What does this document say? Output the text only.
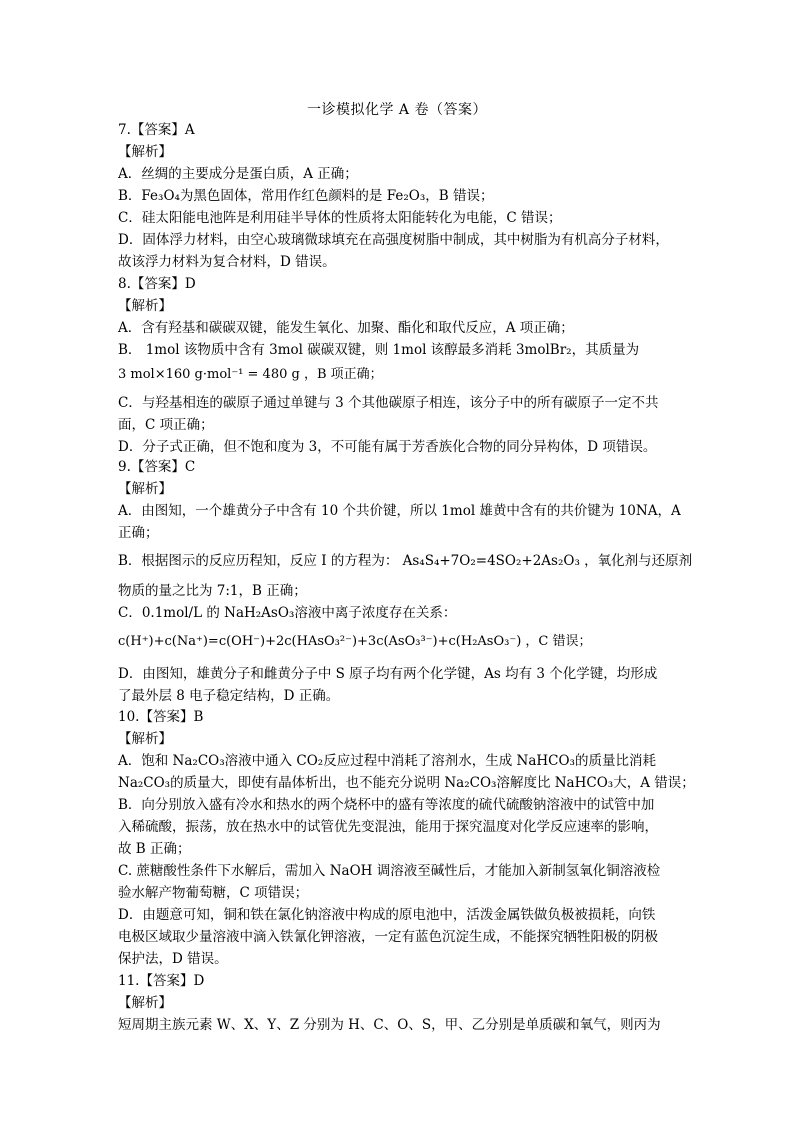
一诊模拟化学 A 卷（答案）
7.【答案】A
【解析】
A．丝绸的主要成分是蛋白质，A 正确；
B．Fe₃O₄为黑色固体，常用作红色颜料的是 Fe₂O₃，B 错误；
C．硅太阳能电池阵是利用硅半导体的性质将太阳能转化为电能，C 错误；
D．固体浮力材料，由空心玻璃微球填充在高强度树脂中制成，其中树脂为有机高分子材料，
故该浮力材料为复合材料，D 错误。
8.【答案】D
【解析】
A．含有羟基和碳碳双键，能发生氧化、加聚、酯化和取代反应，A 项正确；
B． 1mol 该物质中含有 3mol 碳碳双键，则 1mol 该醇最多消耗 3molBr₂，其质量为
3 mol×160 g·mol⁻¹ = 480 g ，B 项正确；
C．与羟基相连的碳原子通过单键与 3 个其他碳原子相连，该分子中的所有碳原子一定不共
面，C 项正确；
D．分子式正确，但不饱和度为 3，不可能有属于芳香族化合物的同分异构体，D 项错误。
9.【答案】C
【解析】
A．由图知，一个雄黄分子中含有 10 个共价键，所以 1mol 雄黄中含有的共价键为 10NA，A
正确；
B．根据图示的反应历程知，反应 I 的方程为： As₄S₄+7O₂=4SO₂+2As₂O₃ ，氧化剂与还原剂
物质的量之比为 7:1，B 正确；
C．0.1mol/L 的 NaH₂AsO₃溶液中离子浓度存在关系：
c(H⁺)+c(Na⁺)=c(OH⁻)+2c(HAsO₃²⁻)+3c(AsO₃³⁻)+c(H₂AsO₃⁻) ，C 错误；
D．由图知，雄黄分子和雌黄分子中 S 原子均有两个化学键，As 均有 3 个化学键，均形成
了最外层 8 电子稳定结构，D 正确。
10.【答案】B
【解析】
A．饱和 Na₂CO₃溶液中通入 CO₂反应过程中消耗了溶剂水，生成 NaHCO₃的质量比消耗
Na₂CO₃的质量大，即使有晶体析出，也不能充分说明 Na₂CO₃溶解度比 NaHCO₃大，A 错误；
B．向分别放入盛有冷水和热水的两个烧杯中的盛有等浓度的硫代硫酸钠溶液中的试管中加
入稀硫酸，振荡，放在热水中的试管优先变混浊，能用于探究温度对化学反应速率的影响，
故 B 正确；
C. 蔗糖酸性条件下水解后，需加入 NaOH 调溶液至碱性后，才能加入新制氢氧化铜溶液检
验水解产物葡萄糖，C 项错误；
D．由题意可知，铜和铁在氯化钠溶液中构成的原电池中，活泼金属铁做负极被损耗，向铁
电极区域取少量溶液中滴入铁氰化钾溶液，一定有蓝色沉淀生成，不能探究牺牲阳极的阴极
保护法，D 错误。
11.【答案】D
【解析】
短周期主族元素 W、X、Y、Z 分别为 H、C、O、S，甲、乙分别是单质碳和氧气，则丙为
